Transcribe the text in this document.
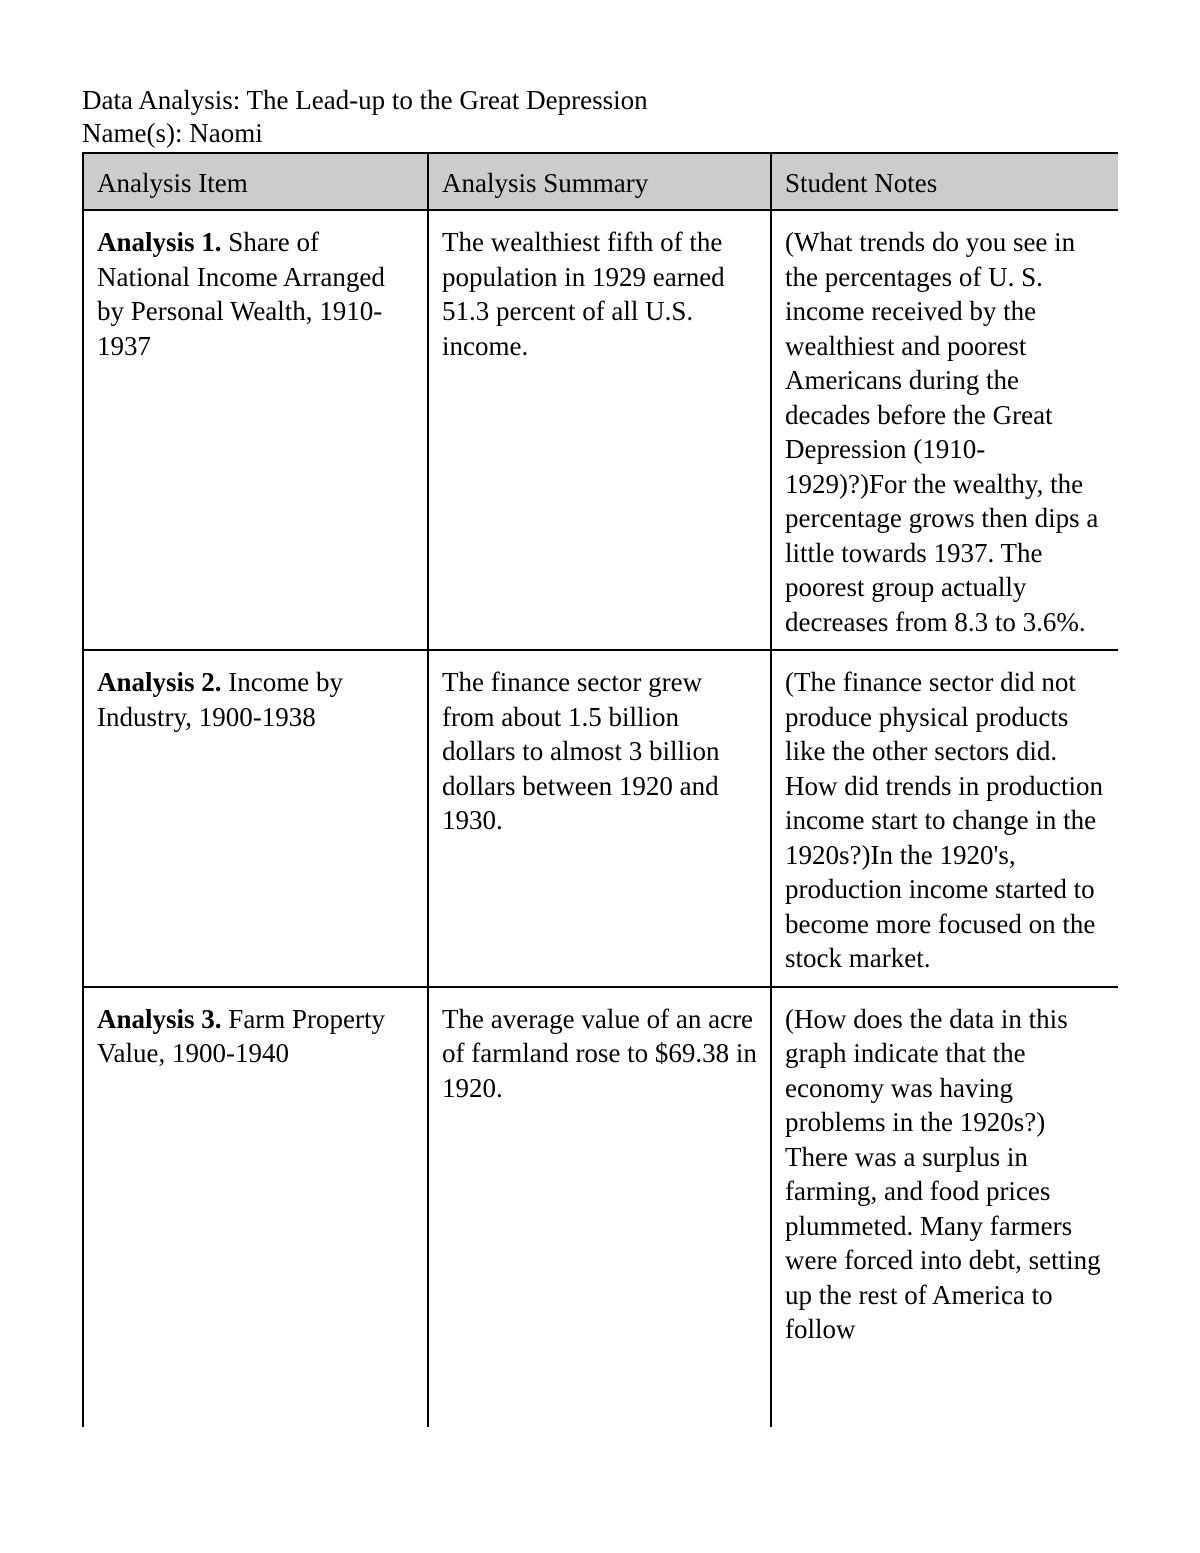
Data Analysis: The Lead-up to the Great Depression
Name(s): Naomi
Analysis Item	Analysis Summary	Student Notes
Analysis 1. Share of National Income Arranged by Personal Wealth, 1910-1937	The wealthiest fifth of the population in 1929 earned 51.3 percent of all U.S. income.	(What trends do you see in the percentages of U. S. income received by the wealthiest and poorest Americans during the decades before the Great Depression (1910-1929)?)For the wealthy, the percentage grows then dips a little towards 1937. The poorest group actually decreases from 8.3 to 3.6%.
Analysis 2. Income by Industry, 1900-1938	The finance sector grew from about 1.5 billion dollars to almost 3 billion dollars between 1920 and 1930.	(The finance sector did not produce physical products like the other sectors did. How did trends in production income start to change in the 1920s?)In the 1920's, production income started to become more focused on the stock market.
Analysis 3. Farm Property Value, 1900-1940	The average value of an acre of farmland rose to $69.38 in 1920.	(How does the data in this graph indicate that the economy was having problems in the 1920s?) There was a surplus in farming, and food prices plummeted. Many farmers were forced into debt, setting up the rest of America to follow
